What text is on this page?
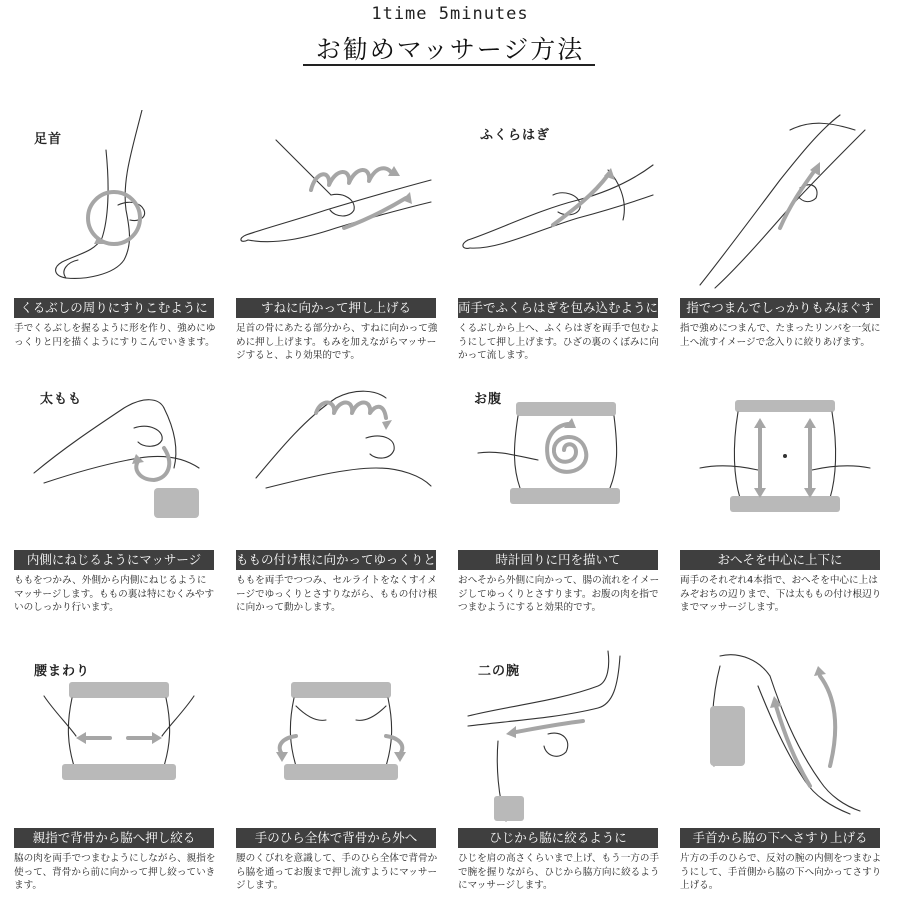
1time 5minutes
お勧めマッサージ方法
足首
くるぶしの周りにすりこむように
手でくるぶしを握るように形を作り、強めにゆっくりと円を描くようにすりこんでいきます。
すねに向かって押し上げる
足首の骨にあたる部分から、すねに向かって強めに押し上げます。もみを加えながらマッサージすると、より効果的です。
ふくらはぎ
両手でふくらはぎを包み込むように
くるぶしから上へ、ふくらはぎを両手で包むようにして押し上げます。ひざの裏のくぼみに向かって流します。
指でつまんでしっかりもみほぐす
指で強めにつまんで、たまったリンパを一気に上へ流すイメージで念入りに絞りあげます。
太もも
内側にねじるようにマッサージ
ももをつかみ、外側から内側にねじるようにマッサージします。ももの裏は特にむくみやすいのしっかり行います。
ももの付け根に向かってゆっくりと
ももを両手でつつみ、セルライトをなくすイメージでゆっくりとさすりながら、ももの付け根に向かって動かします。
お腹
時計回りに円を描いて
おへそから外側に向かって、腸の流れをイメージしてゆっくりとさすります。お腹の肉を指でつまむようにすると効果的です。
おへそを中心に上下に
両手のそれぞれ4本指で、おへそを中心に上はみぞおちの辺りまで、下は太ももの付け根辺りまでマッサージします。
腰まわり
親指で背骨から脇へ押し絞る
脇の肉を両手でつまむようにしながら、親指を使って、背骨から前に向かって押し絞っていきます。
手のひら全体で背骨から外へ
腰のくびれを意識して、手のひら全体で背骨から脇を通ってお腹まで押し流すようにマッサージします。
二の腕
ひじから脇に絞るように
ひじを肩の高さくらいまで上げ、もう一方の手で腕を握りながら、ひじから脇方向に絞るようにマッサージします。
手首から脇の下へさすり上げる
片方の手のひらで、反対の腕の内側をつまむようにして、手首側から脇の下へ向かってさすり上げる。
